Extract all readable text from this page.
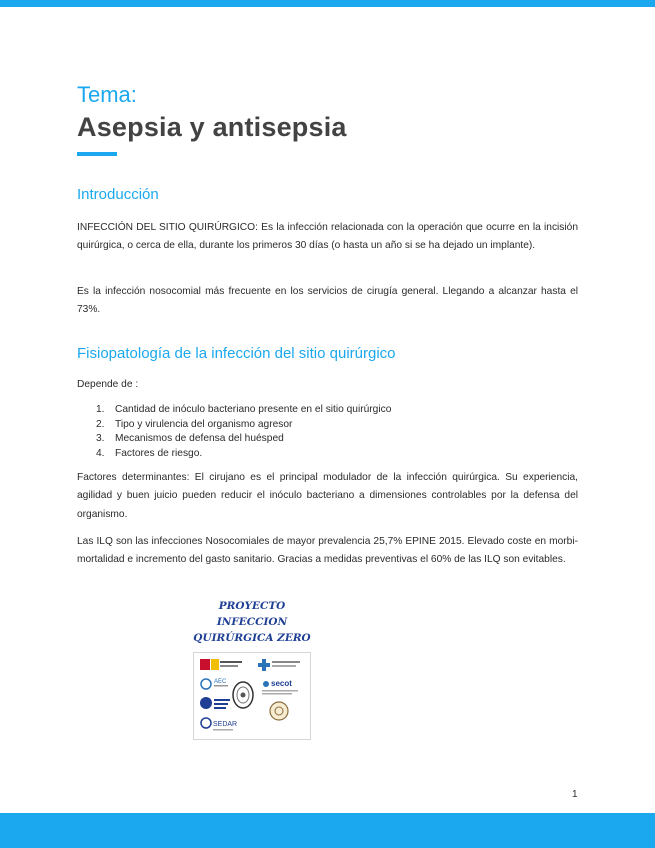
Tema:
Asepsia y antisepsia
Introducción

INFECCIÓN DEL SITIO QUIRÚRGICO: Es la infección relacionada con la operación que ocurre en la incisión quirúrgica, o cerca de ella, durante los primeros 30 días (o hasta un año si se ha dejado un implante).

Es la infección nosocomial más frecuente en los servicios de cirugía general. Llegando a alcanzar hasta el 73%.

Fisiopatología de la infección del sitio quirúrgico

Depende de :

1. Cantidad de inóculo bacteriano presente en el sitio quirúrgico
2. Tipo y virulencia del organismo agresor
3. Mecanismos de defensa del huésped
4. Factores de riesgo.

Factores determinantes: El cirujano es el principal modulador de la infección quirúrgica. Su experiencia, agilidad y buen juicio pueden reducir el inóculo bacteriano a dimensiones controlables por la defensa del organismo.

Las ILQ son las infecciones Nosocomiales de mayor prevalencia 25,7% EPINE 2015. Elevado coste en morbi-mortalidad e incremento del gasto sanitario. Gracias a medidas preventivas el 60% de las ILQ son evitables.

PROYECTO INFECCION
QUIRÚRGICA ZERO
AEC	secot
SEDAR
1
